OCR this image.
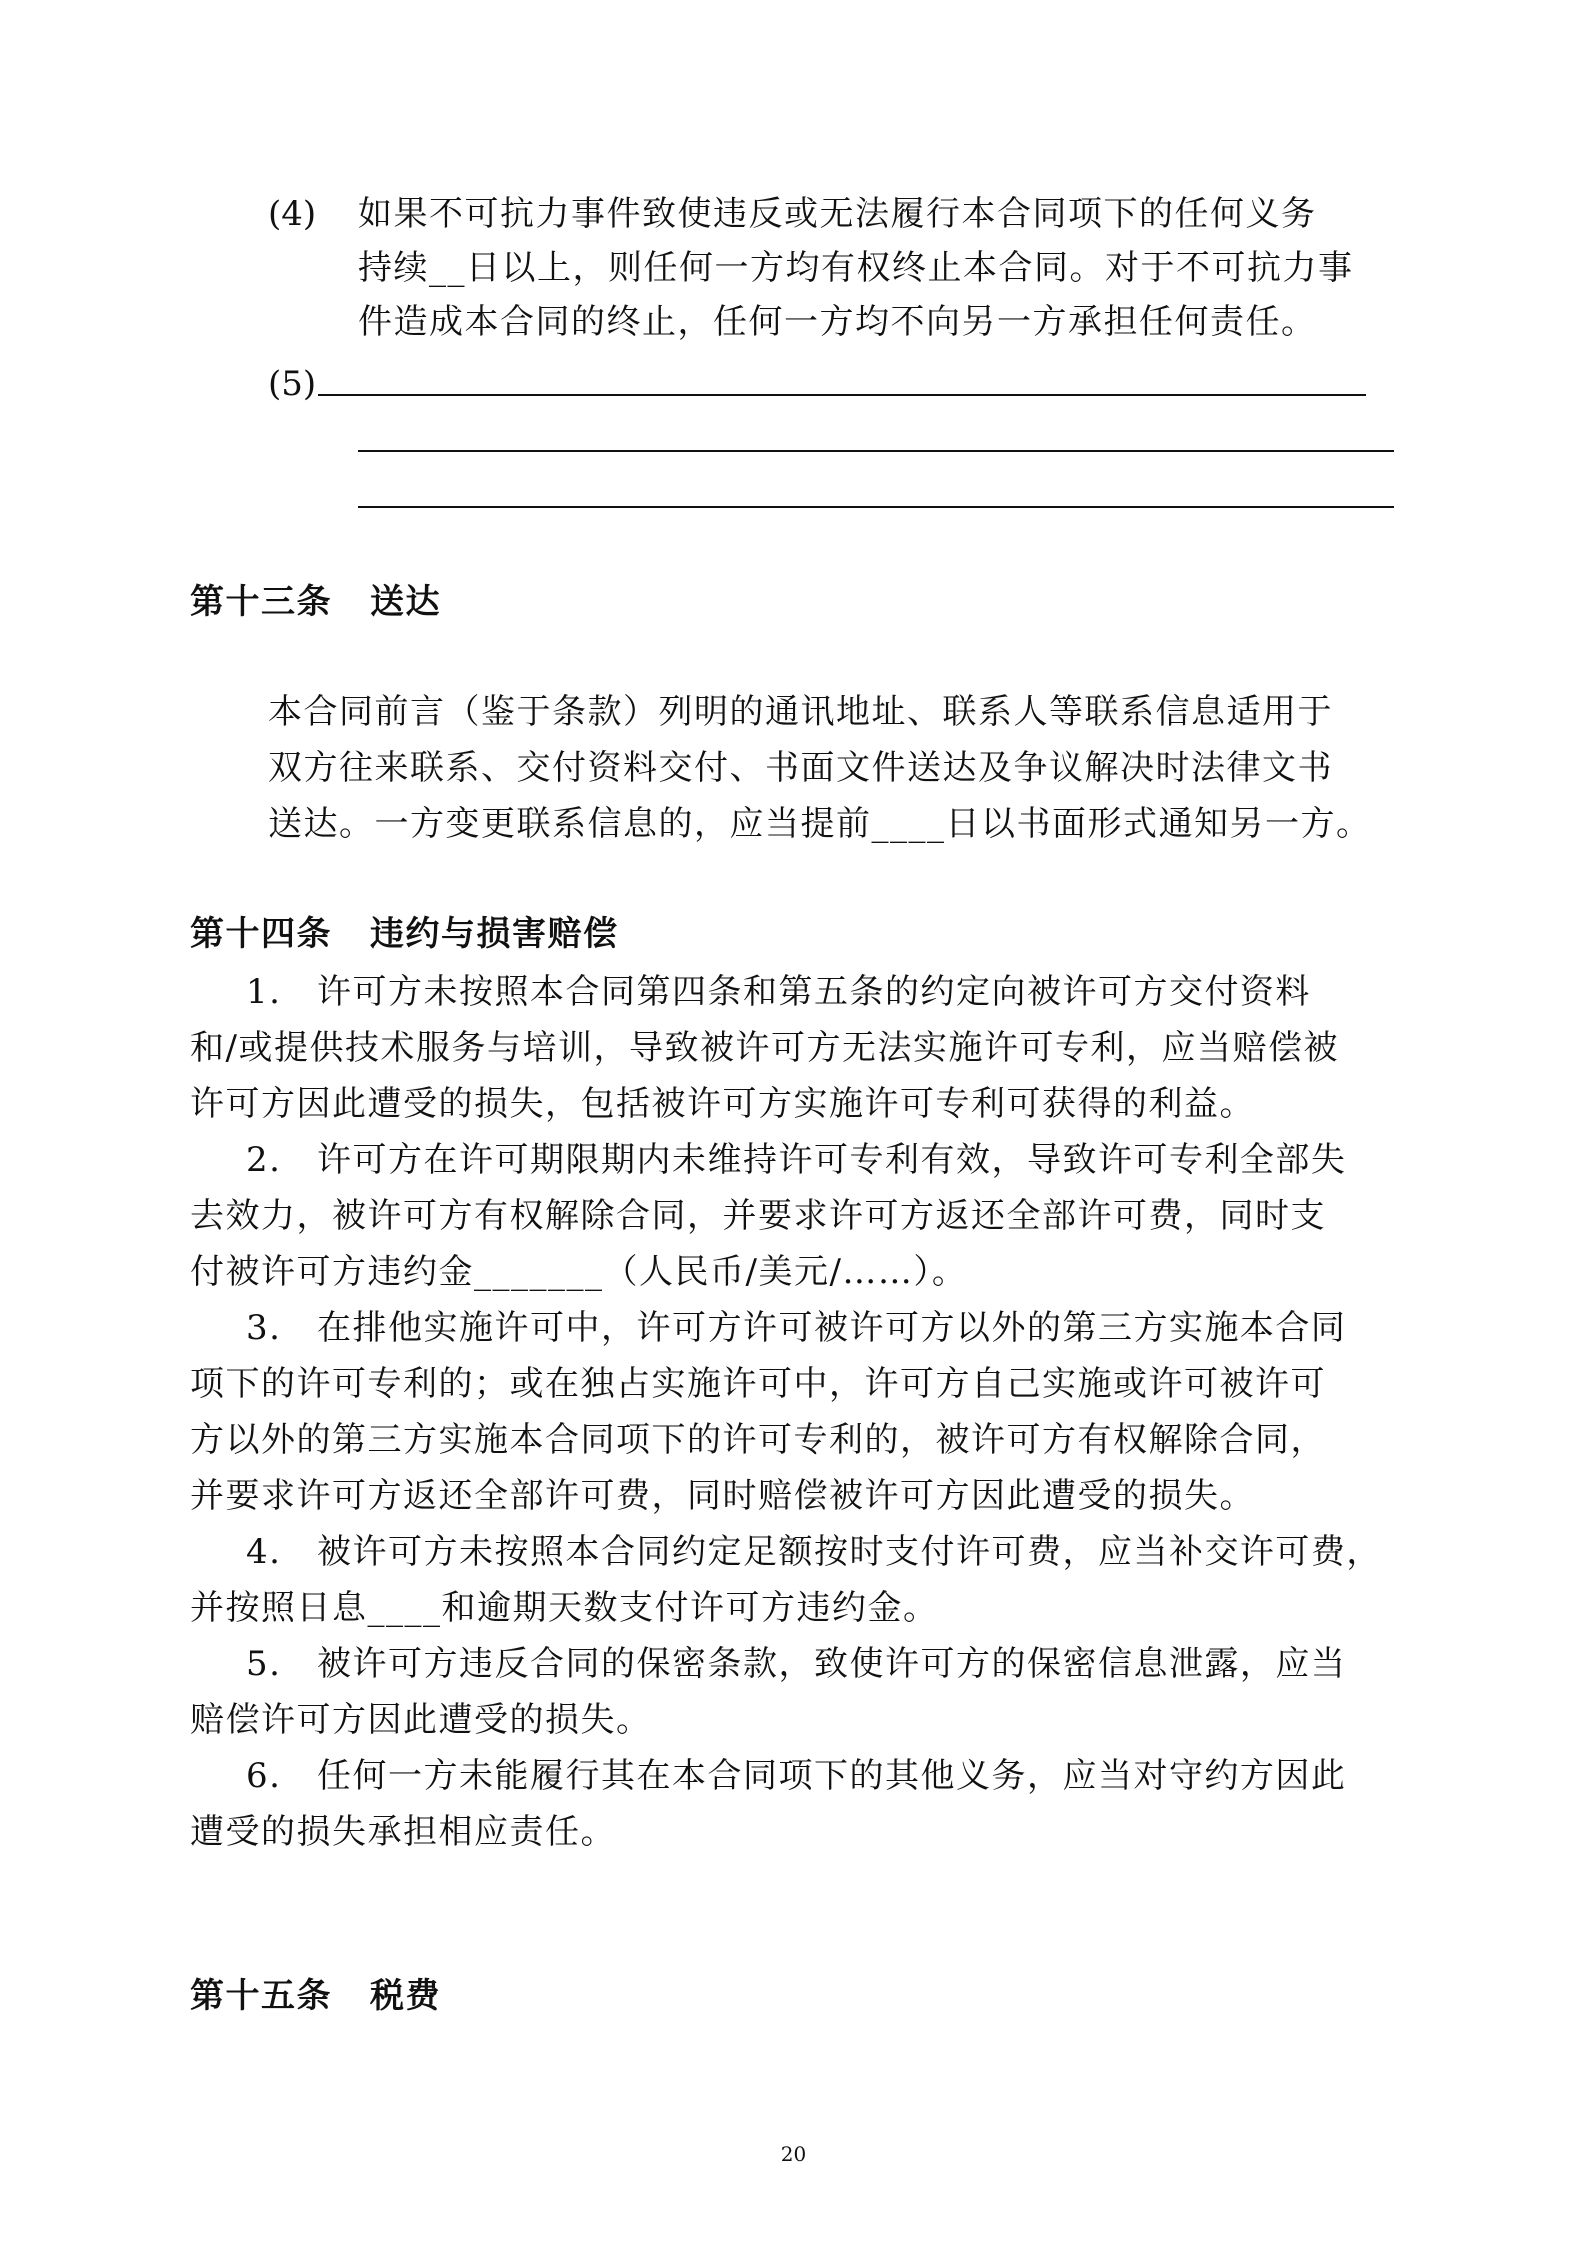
(4) 如果不可抗力事件致使违反或无法履行本合同项下的任何义务
持续__日以上，则任何一方均有权终止本合同。对于不可抗力事
件造成本合同的终止，任何一方均不向另一方承担任何责任。
(5)
第十三条 送达
本合同前言（鉴于条款）列明的通讯地址、联系人等联系信息适用于
双方往来联系、交付资料交付、书面文件送达及争议解决时法律文书
送达。一方变更联系信息的，应当提前____日以书面形式通知另一方。
第十四条 违约与损害赔偿
1.　许可方未按照本合同第四条和第五条的约定向被许可方交付资料
和/或提供技术服务与培训，导致被许可方无法实施许可专利，应当赔偿被
许可方因此遭受的损失，包括被许可方实施许可专利可获得的利益。
2.　许可方在许可期限期内未维持许可专利有效，导致许可专利全部失
去效力，被许可方有权解除合同，并要求许可方返还全部许可费，同时支
付被许可方违约金_______（人民币/美元/……）。
3.　在排他实施许可中，许可方许可被许可方以外的第三方实施本合同
项下的许可专利的；或在独占实施许可中，许可方自己实施或许可被许可
方以外的第三方实施本合同项下的许可专利的，被许可方有权解除合同，
并要求许可方返还全部许可费，同时赔偿被许可方因此遭受的损失。
4.　被许可方未按照本合同约定足额按时支付许可费，应当补交许可费，
并按照日息____和逾期天数支付许可方违约金。
5.　被许可方违反合同的保密条款，致使许可方的保密信息泄露，应当
赔偿许可方因此遭受的损失。
6.　任何一方未能履行其在本合同项下的其他义务，应当对守约方因此
遭受的损失承担相应责任。
第十五条 税费
20
